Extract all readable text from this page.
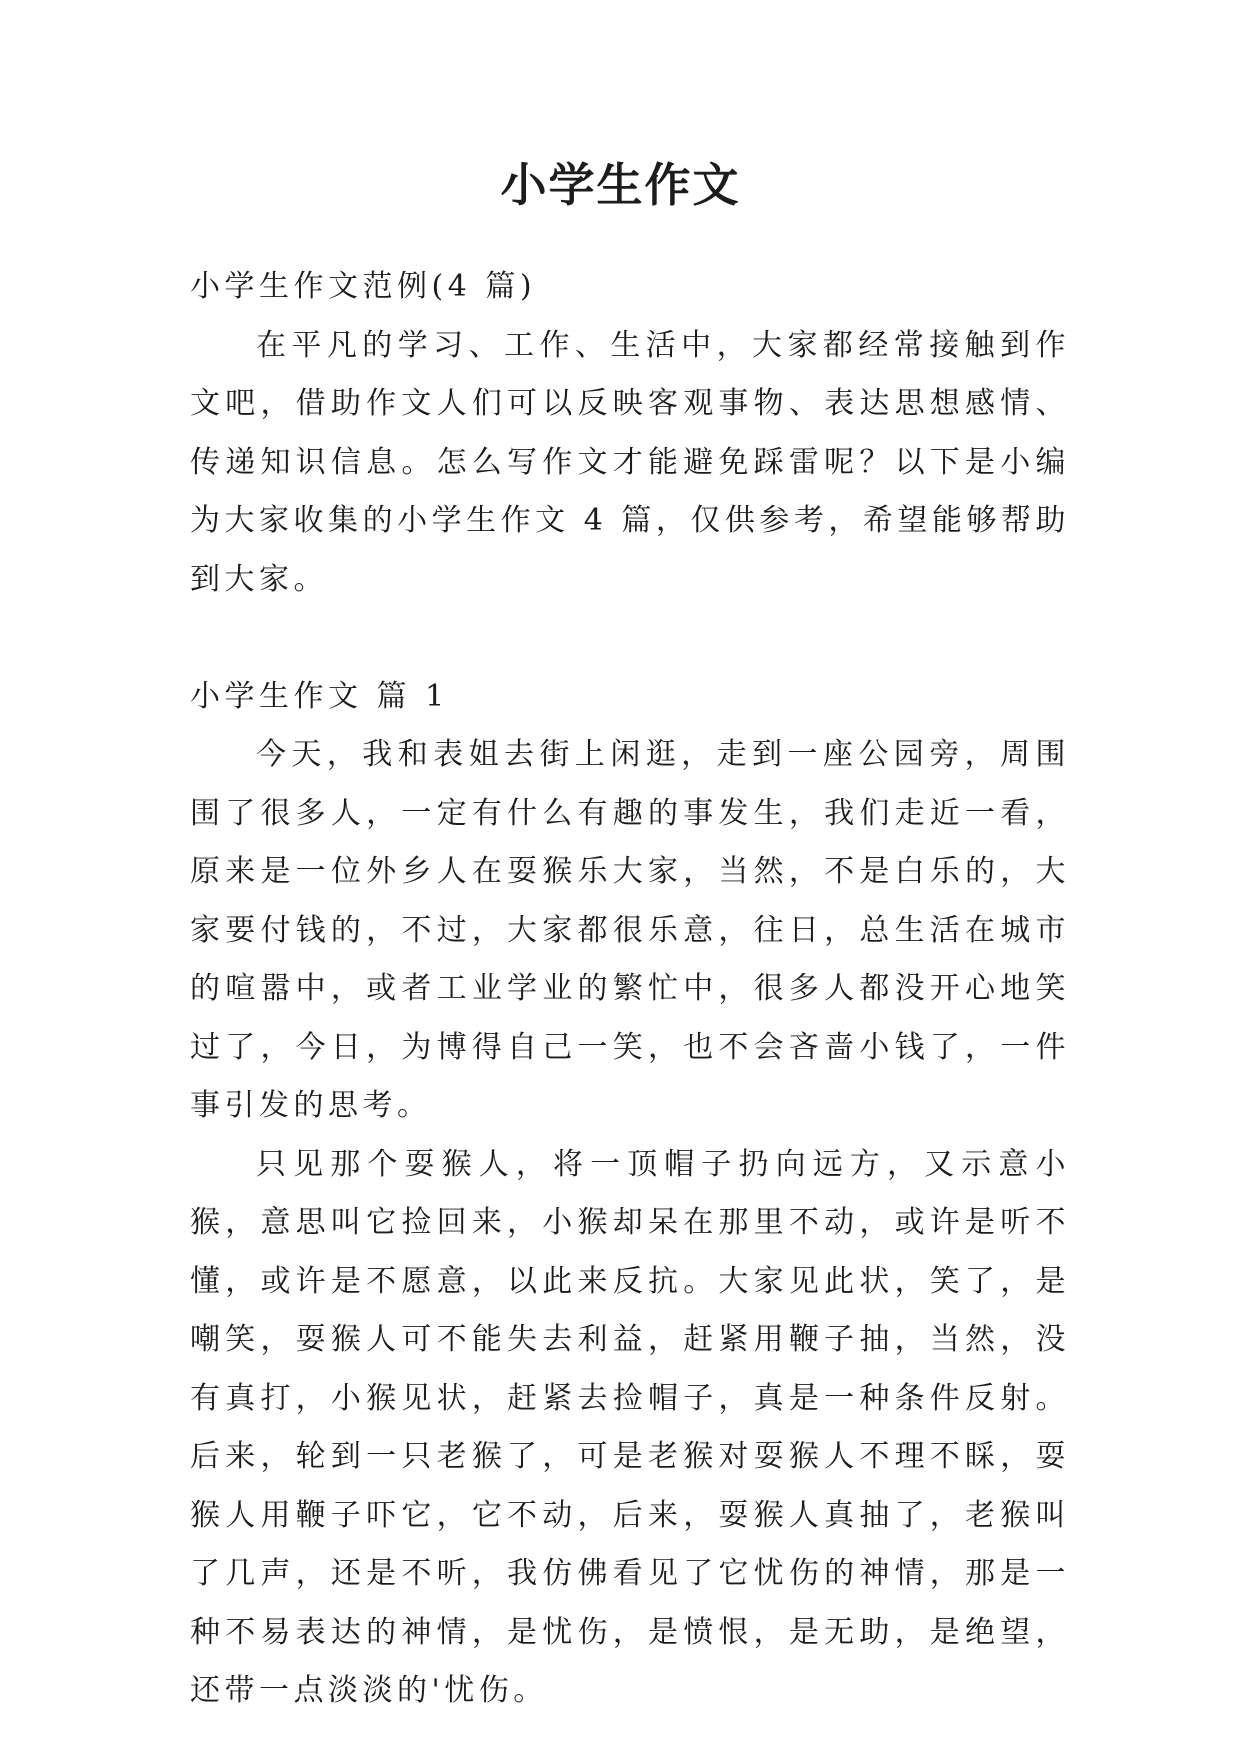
小学生作文

小学生作文范例(4 篇)

在平凡的学习、工作、生活中，大家都经常接触到作文吧，借助作文人们可以反映客观事物、表达思想感情、传递知识信息。怎么写作文才能避免踩雷呢？以下是小编为大家收集的小学生作文 4 篇，仅供参考，希望能够帮助到大家。

小学生作文 篇 1

今天，我和表姐去街上闲逛，走到一座公园旁，周围围了很多人，一定有什么有趣的事发生，我们走近一看，原来是一位外乡人在耍猴乐大家，当然，不是白乐的，大家要付钱的，不过，大家都很乐意，往日，总生活在城市的喧嚣中，或者工业学业的繁忙中，很多人都没开心地笑过了，今日，为博得自己一笑，也不会吝啬小钱了，一件事引发的思考。

只见那个耍猴人，将一顶帽子扔向远方，又示意小猴，意思叫它捡回来，小猴却呆在那里不动，或许是听不懂，或许是不愿意，以此来反抗。大家见此状，笑了，是嘲笑，耍猴人可不能失去利益，赶紧用鞭子抽，当然，没有真打，小猴见状，赶紧去捡帽子，真是一种条件反射。后来，轮到一只老猴了，可是老猴对耍猴人不理不睬，耍猴人用鞭子吓它，它不动，后来，耍猴人真抽了，老猴叫了几声，还是不听，我仿佛看见了它忧伤的神情，那是一种不易表达的神情，是忧伤，是愤恨，是无助，是绝望，还带一点淡淡的'忧伤。
